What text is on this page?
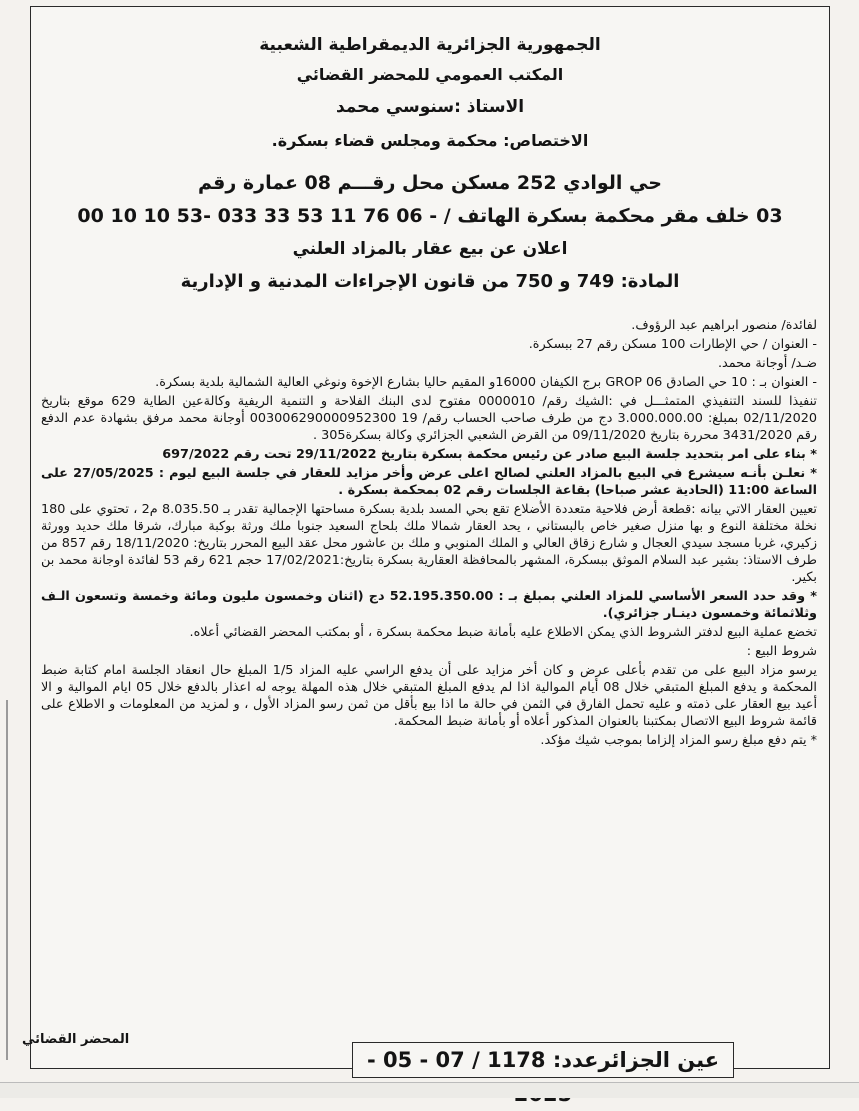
الجمهورية الجزائرية الديمقراطية الشعبية
المكتب العمومي للمحضر القضائي
الاستاذ :سنوسي محمد
الاختصاص: محكمة ومجلس قضاء بسكرة.
حي الوادي 252 مسكن محل رقـــم 08 عمارة رقم
03 خلف مقر محكمة بسكرة الهاتف / - 06 76 11 53 33 033 -53 10 10 00
اعلان عن بيع عقار بالمزاد العلني
المادة: 749 و 750 من قانون الإجراءات المدنية و الإدارية

لفائدة/ منصور ابراهيم عبد الرؤوف.

- العنوان / حي الإطارات 100 مسكن رقم 27 ببسكرة.

ضـد/ أوجانة محمد.

- العنوان بـ : 10 حي الصادق GROP 06 برج الكيفان 16000و المقيم حاليا بشارع الإخوة ونوغي العالية الشمالية بلدية بسكرة.

تنفيذا للسند التنفيذي المتمثـــل في :الشيك رقم/ 0000010 مفتوح لدى البنك الفلاحة و التنمية الريفية وكالةعين الطاية 629 موقع بتاريخ 02/11/2020 بمبلغ: 3.000.000.00 دج من طرف صاحب الحساب رقم/ 19 003006290000952300 أوجانة محمد مرفق بشهادة عدم الدفع رقم 3431/2020 محررة بتاريخ 09/11/2020 من القرض الشعبي الجزائري وكالة بسكرة305 .

* بناء على امر بتحديد جلسة البيع صادر عن رئيس محكمة بسكرة بتاريخ 29/11/2022 تحت رقم 697/2022

* نعلـن بأنـه سيشرع في البيع بالمزاد العلني لصالح اعلى عرض وأخر مزايد للعقار في جلسة البيع ليوم : 27/05/2025 على الساعة 11:00 (الحادية عشر صباحا) بقاعة الجلسات رقم 02 بمحكمة بسكرة .

تعيين العقار الاتي بيانه :قطعة أرض فلاحية متعددة الأضلاع تقع بحي المسد بلدية بسكرة مساحتها الإجمالية تقدر بـ 8.035.50 م2 ، تحتوي على 180 نخلة مختلفة النوع و بها منزل صغير خاص بالبستاني ، يحد العقار شمالا ملك بلحاج السعيد جنوبا ملك ورثة بوكبة مبارك، شرقا ملك حديد وورثة زكيري، غربا مسجد سيدي العجال و شارع زقاق العالي و الملك المنوبي و ملك بن عاشور محل عقد البيع المحرر بتاريخ: 18/11/2020 رقم 857 من طرف الاستاذ: بشير عبد السلام الموثق ببسكرة، المشهر بالمحافظة العقارية بسكرة بتاريخ:17/02/2021 حجم 621 رقم 53 لفائدة اوجانة محمد بن بكير.

* وقد حدد السعر الأساسي للمزاد العلني بمبلغ بـ : 52.195.350.00 دج (اثنان وخمسون مليون ومائة وخمسة وتسعون الـف وثلاثمائة وخمسون دينـار جزائري).

تخضع عملية البيع لدفتر الشروط الذي يمكن الاطلاع عليه بأمانة ضبط محكمة بسكرة ، أو بمكتب المحضر القضائي أعلاه.

شروط البيع :

يرسو مزاد البيع على من تقدم بأعلى عرض و كان أخر مزايد على أن يدفع الراسي عليه المزاد 1/5 المبلغ حال انعقاد الجلسة امام كتابة ضبط المحكمة و يدفع المبلغ المتبقي خلال 08 أيام الموالية اذا لم يدفع المبلغ المتبقي خلال هذه المهلة يوجه له اعذار بالدفع خلال 05 ايام الموالية و الا أعيد بيع العقار على ذمته و عليه تحمل الفارق في الثمن في حالة ما اذا بيع بأقل من ثمن رسو المزاد الأول ، و لمزيد من المعلومات و الاطلاع على قائمة شروط البيع الاتصال بمكتبنا بالعنوان المذكور أعلاه أو بأمانة ضبط المحكمة.

* يتم دفع مبلغ رسو المزاد إلزاما بموجب شيك مؤكد.

المحضر القضائي
عين الجزائرعدد: 1178 / 07 - 05 -
